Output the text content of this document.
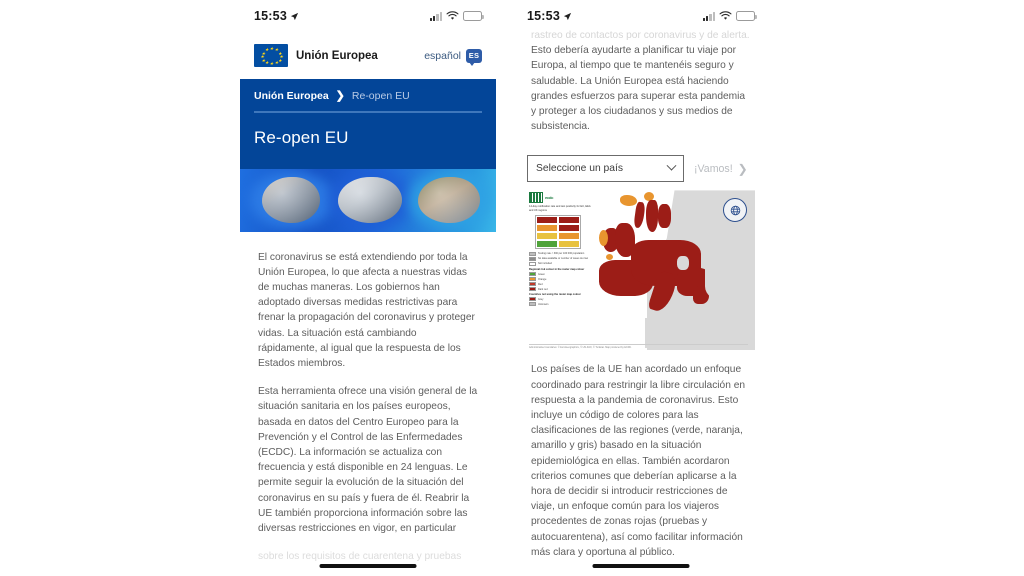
15:53
★ ★
★
★
★
★
★
★
★
★
★
★ Unión Europea	español	ES
Unión Europea ❯ Re-open EU
Re-open EU

El coronavirus se está extendiendo por toda la Unión Europea, lo que afecta a nuestras vidas de muchas maneras. Los gobiernos han adoptado diversas medidas restrictivas para frenar la propagación del coronavirus y proteger vidas. La situación está cambiando rápidamente, al igual que la respuesta de los Estados miembros.

Esta herramienta ofrece una visión general de la situación sanitaria en los países europeos, basada en datos del Centro Europeo para la Prevención y el Control de las Enfermedades (ECDC). La información se actualiza con frecuencia y está disponible en 24 lenguas. Le permite seguir la evolución de la situación del coronavirus en su país y fuera de él. Reabrir la UE también proporciona información sobre las diversas restricciones en vigor, en particular

sobre los requisitos de cuarentena y pruebas

15:53

rastreo de contactos por coronavirus y de alerta.

Esto debería ayudarte a planificar tu viaje por Europa, al tiempo que te mantenéis seguro y saludable. La Unión Europea está haciendo grandes esfuerzos para superar esta pandemia y proteger a los ciudadanos y sus medios de subsistencia.

Seleccione un país	¡Vamos! ❯
ecdc
14-day notification rate and test positivity for EU, EEA and UK regions
Testing rate < 300 per 100 000 population
No data available or number of cases too low
Not included
Regional risk colour in the raster map colour
Green
Orange
Red
Dark red
Countries not using the raster map colour
Grey
Unknown
Administrative boundaries: © EuroGeographics, © UN-FAO, © Turkstat. Map produced by ECDC.

Los países de la UE han acordado un enfoque coordinado para restringir la libre circulación en respuesta a la pandemia de coronavirus. Esto incluye un código de colores para las clasificaciones de las regiones (verde, naranja, amarillo y gris) basado en la situación epidemiológica en ellas. También acordaron criterios comunes que deberían aplicarse a la hora de decidir si introducir restricciones de viaje, un enfoque común para los viajeros procedentes de zonas rojas (pruebas y autocuarentena), así como facilitar información más clara y oportuna al público.
